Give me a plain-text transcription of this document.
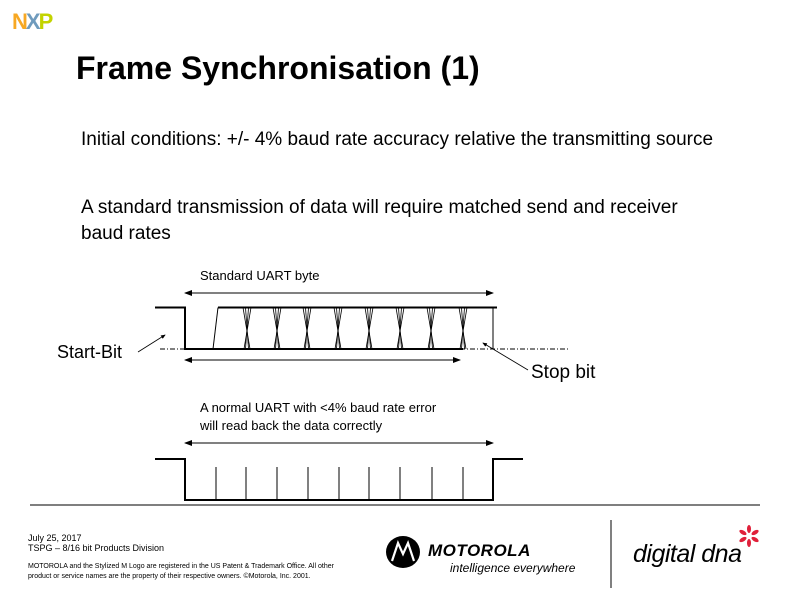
NXP
Frame Synchronisation (1)
Initial conditions: +/- 4% baud rate accuracy relative the transmitting source
A standard transmission of data will require matched send and receiver baud rates
Standard UART byte
Start-Bit
Stop bit
A normal UART with <4% baud rate error
will read back the data correctly
July 25, 2017
TSPG – 8/16 bit Products Division
MOTOROLA and the Stylized M Logo are registered in the US Patent & Trademark Office. All other
product or service names are the property of their respective owners. ©Motorola, Inc. 2001.
MOTOROLA
intelligence everywhere digital dna
